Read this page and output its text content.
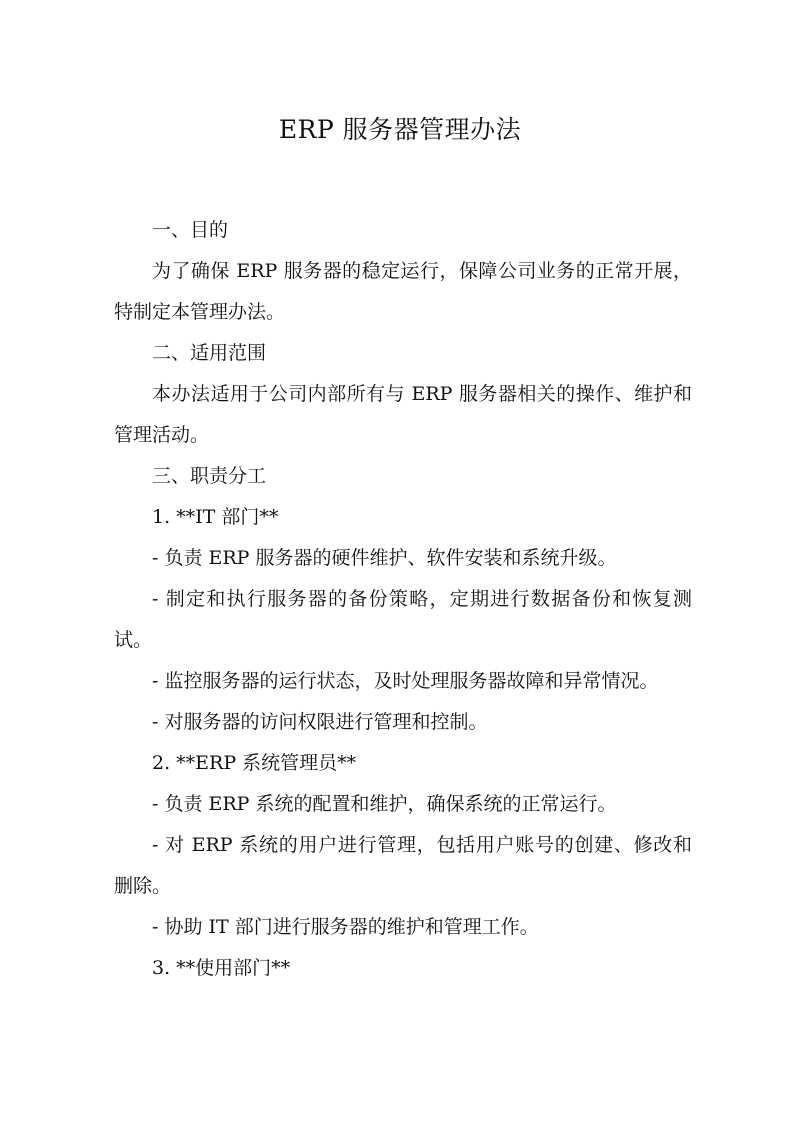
ERP 服务器管理办法

一、目的

为了确保 ERP 服务器的稳定运行，保障公司业务的正常开展，特制定本管理办法。

二、适用范围

本办法适用于公司内部所有与 ERP 服务器相关的操作、维护和管理活动。

三、职责分工

1. **IT 部门**

- 负责 ERP 服务器的硬件维护、软件安装和系统升级。

- 制定和执行服务器的备份策略，定期进行数据备份和恢复测试。

- 监控服务器的运行状态，及时处理服务器故障和异常情况。

- 对服务器的访问权限进行管理和控制。

2. **ERP 系统管理员**

- 负责 ERP 系统的配置和维护，确保系统的正常运行。

- 对 ERP 系统的用户进行管理，包括用户账号的创建、修改和删除。

- 协助 IT 部门进行服务器的维护和管理工作。

3. **使用部门**
